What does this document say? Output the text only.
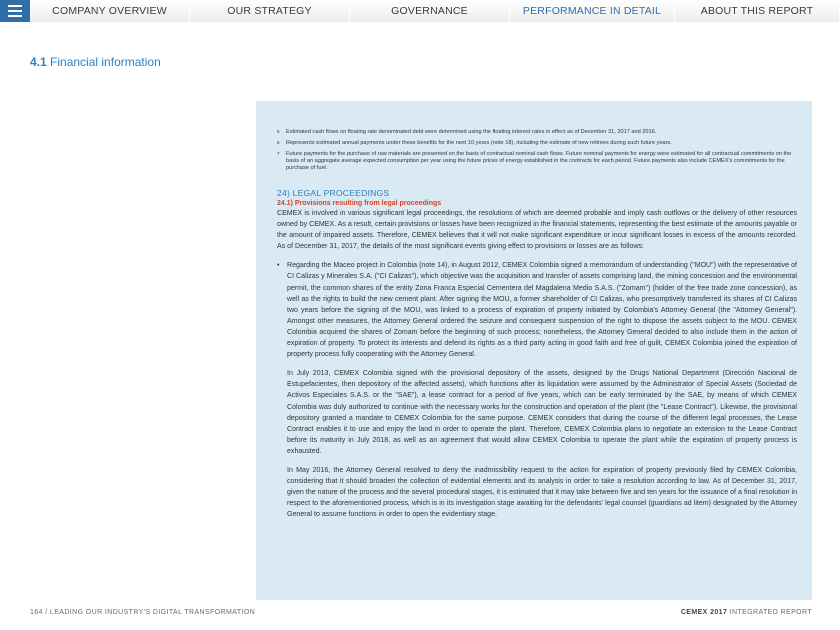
COMPANY OVERVIEW	OUR STRATEGY	GOVERNANCE	PERFORMANCE IN DETAIL	ABOUT THIS REPORT
4.1 Financial information
5	Estimated cash flows on floating rate denominated debt were determined using the floating interest rates in effect as of December 31, 2017 and 2016.
6	Represents estimated annual payments under these benefits for the next 10 years (note 18), including the estimate of new retirees during such future years.
7	Future payments for the purchase of raw materials are presented on the basis of contractual nominal cash flows. Future nominal payments for energy were estimated for all contractual commitments on the basis of an aggregate average expected consumption per year using the future prices of energy established in the contracts for each period. Future payments also include CEMEX's commitments for the purchase of fuel.
24) LEGAL PROCEEDINGS
24.1) Provisions resulting from legal proceedings

CEMEX is involved in various significant legal proceedings, the resolutions of which are deemed probable and imply cash outflows or the delivery of other resources owned by CEMEX. As a result, certain provisions or losses have been recognized in the financial statements, representing the best estimate of the amounts payable or the amount of impaired assets. Therefore, CEMEX believes that it will not make significant expenditure or incur significant losses in excess of the amounts recorded. As of December 31, 2017, the details of the most significant events giving effect to provisions or losses are as follows:

•	Regarding the Maceo project in Colombia (note 14), in August 2012, CEMEX Colombia signed a memorandum of understanding ("MOU") with the representative of CI Calizas y Minerales S.A. ("CI Calizas"), which objective was the acquisition and transfer of assets comprising land, the mining concession and the environmental permit, the common shares of the entity Zona Franca Especial Cementera del Magdalena Medio S.A.S. ("Zomam") (holder of the free trade zone concession), as well as the rights to build the new cement plant. After signing the MOU, a former shareholder of CI Calizas, who presumptively transferred its shares of CI Calizas two years before the signing of the MOU, was linked to a process of expiration of property initiated by Colombia's Attorney General (the "Attorney General"). Amongst other measures, the Attorney General ordered the seizure and consequent suspension of the right to dispose the assets subject to the MOU. CEMEX Colombia acquired the shares of Zomam before the beginning of such process; nonetheless, the Attorney General decided to also include them in the action of expiration of property. To protect its interests and defend its rights as a third party acting in good faith and free of guilt, CEMEX Colombia joined the expiration of property process fully cooperating with the Attorney General.

In July 2013, CEMEX Colombia signed with the provisional depository of the assets, designed by the Drugs National Department (Dirección Nacional de Estupefacientes, then depository of the affected assets), which functions after its liquidation were assumed by the Administrator of Special Assets (Sociedad de Activos Especiales S.A.S. or the "SAE"), a lease contract for a period of five years, which can be early terminated by the SAE, by means of which CEMEX Colombia was duly authorized to continue with the necessary works for the construction and operation of the plant (the "Lease Contract"). Likewise, the provisional depository granted a mandate to CEMEX Colombia for the same purpose. CEMEX considers that during the course of the different legal processes, the Lease Contract enables it to use and enjoy the land in order to operate the plant. Therefore, CEMEX Colombia plans to negotiate an extension to the Lease Contract before its maturity in July 2018, as well as an agreement that would allow CEMEX Colombia to operate the plant while the expiration of property process is exhausted.

In May 2016, the Attorney General resolved to deny the inadmissibility request to the action for expiration of property previously filed by CEMEX Colombia, considering that it should broaden the collection of evidential elements and its analysis in order to take a resolution according to law. As of December 31, 2017, given the nature of the process and the several procedural stages, it is estimated that it may take between five and ten years for the issuance of a final resolution in respect to the aforementioned process, which is in its investigation stage awaiting for the defendants' legal counsel (guardians ad litem) designated by the Attorney General to assume functions in order to open the evidentiary stage.

164 / LEADING OUR INDUSTRY'S DIGITAL TRANSFORMATION	CEMEX 2017 INTEGRATED REPORT
